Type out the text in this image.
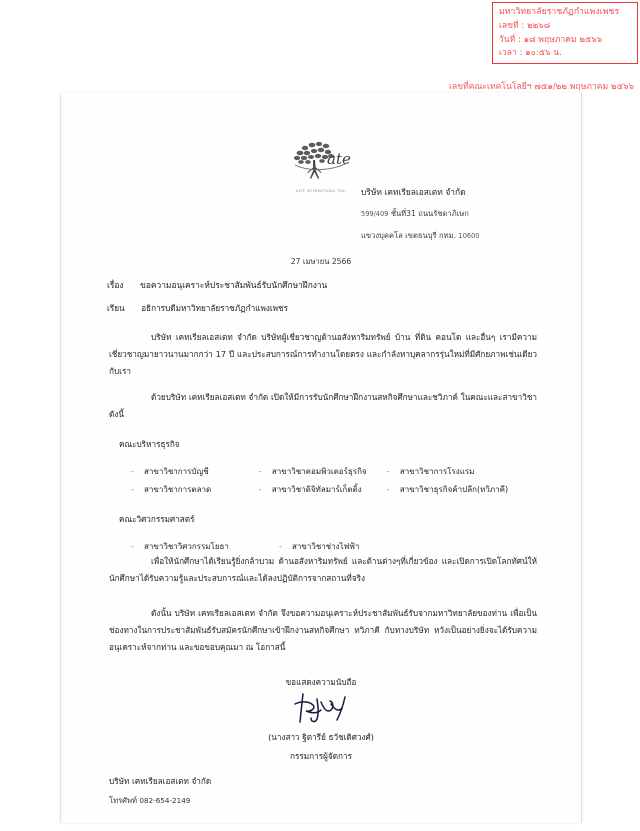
ate
KATE INTERNATIONAL THAI	บริษัท เคทเรียลเอสเตท จำกัด
599/409 ชั้นที่31 ถนนรัชดาภิเษก
แขวงบุคคโล เขตธนบุรี กทม. 10600
27 เมษายน 2566
เรื่อง ขอความอนุเคราะห์ประชาสัมพันธ์รับนักศึกษาฝึกงาน
เรียน อธิการบดีมหาวิทยาลัยราชภัฏกำแพงเพชร
บริษัท เคทเรียลเอสเตท จำกัด บริษัทผู้เชี่ยวชาญด้านอสังหาริมทรัพย์ บ้าน ที่ดิน คอนโด และอื่นๆ เรามีความเชี่ยวชาญมายาวนานมากกว่า 17 ปี และประสบการณ์การทำงานโดยตรง และกำลังหาบุคลากรรุ่นใหม่ที่มีศักยภาพเช่นเดียวกับเรา
ด้วยบริษัท เคทเรียลเอสเตท จำกัด เปิดให้มีการรับนักศึกษาฝึกงานสหกิจศึกษาและชวิภาค์ ในคณะและสาขาวิชาดังนี้
คณะบริหารธุรกิจ
-	สาขาวิชาการบัญชี	-	สาขาวิชาคอมพิวเตอร์ธุรกิจ	-	สาขาวิชาการโรงแรม
-	สาขาวิชาการตลาด	-	สาขาวิชาดิจิทัลมาร์เก็ตติ้ง	-	สาขาวิชาธุรกิจค้าปลีก(ทวิภาคี)
คณะวิศวกรรมศาสตร์
-	สาขาวิชาวิศวกรรมโยธา	-	สาขาวิชาช่างไฟฟ้า
เพื่อให้นักศึกษาได้เรียนรู้ยิ่งกล้าบวม ด้านอสังหาริมทรัพย์ และด้านต่างๆที่เกี่ยวข้อง และเปิดการเปิดโลกทัศน์ให้นักศึกษาได้รับความรู้และประสบการณ์และได้ลงปฏิบัติการจากสถานที่จริง
ดังนั้น บริษัท เคทเรียลเอสเตท จำกัด จึงขอความอนุเคราะห์ประชาสัมพันธ์รับจากมหาวิทยาลัยของท่าน เพื่อเป็นช่องทางในการประชาสัมพันธ์รับสมัครนักศึกษาเข้าฝึกงานสหกิจศึกษา ทวิภาคี กับทางบริษัท หวังเป็นอย่างยิ่งจะได้รับความอนุเคราะห์จากท่าน และขอขอบคุณมา ณ โอกาสนี้
ขอแสดงความนับถือ
(นางสาว ฐิตารีย์ ธวัชเดิศวงศ์)
กรรมการผู้จัดการ
บริษัท เคทเรียลเอสเตท จำกัด
โทรศัพท์ 082-654-2149
มหาวิทยาลัยราชภัฏกำแพงเพชร
เลขที่ : ๒๒๖๘
วันที่ : ๑๘ พฤษภาคม ๒๕๖๖
เวลา : ๑๐:๕๖ น.
เลขที่คณะเทคโนโลยีฯ ๗๕๑/๒๒ พฤษภาคม ๒๕๖๖
